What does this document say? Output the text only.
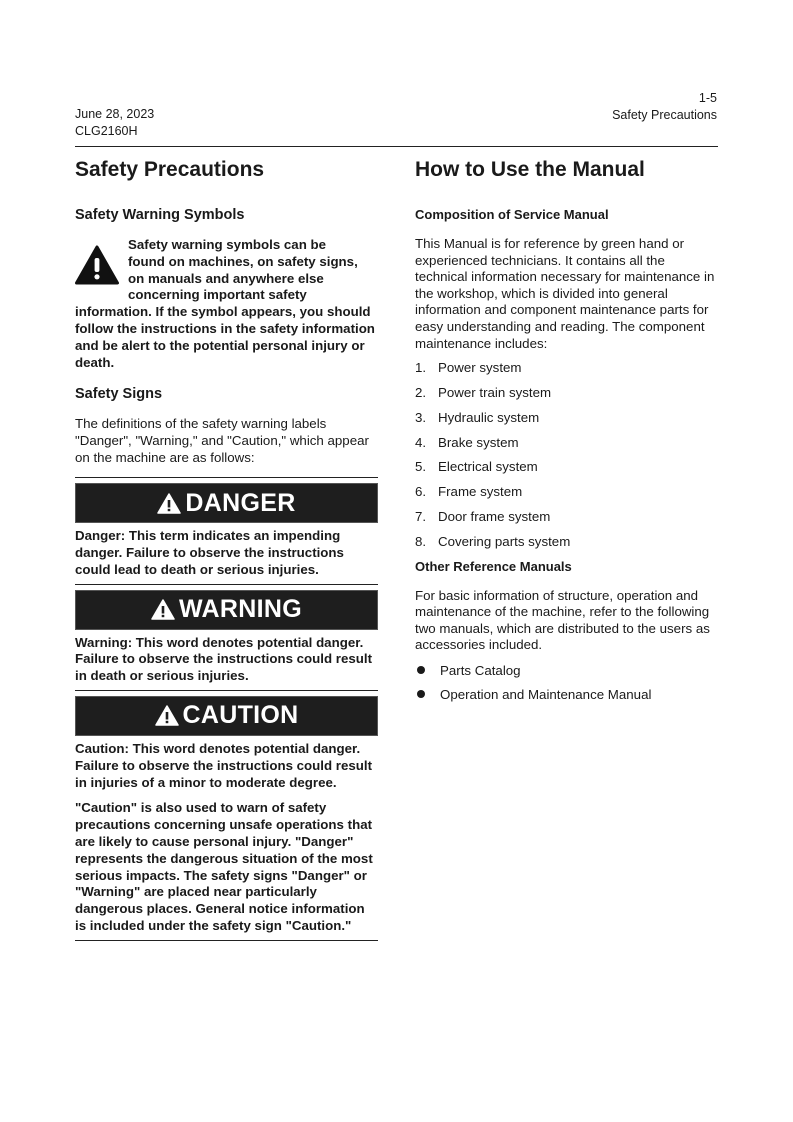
June 28, 2023
CLG2160H
1-5
Safety Precautions
Safety Precautions
Safety Warning Symbols

Safety warning symbols can be

found on machines, on safety signs,

on manuals and anywhere else

concerning important safety

information. If the symbol appears, you should follow the instructions in the safety information and be alert to the potential personal injury or death.

Safety Signs

The definitions of the safety warning labels "Danger", "Warning," and "Caution," which appear on the machine are as follows:

DANGER

Danger: This term indicates an impending danger. Failure to observe the instructions could lead to death or serious injuries.

WARNING

Warning: This word denotes potential danger. Failure to observe the instructions could result in death or serious injuries.

CAUTION

Caution: This word denotes potential danger. Failure to observe the instructions could result in injuries of a minor to moderate degree.

"Caution" is also used to warn of safety precautions concerning unsafe operations that are likely to cause personal injury. "Danger" represents the dangerous situation of the most serious impacts. The safety signs "Danger" or "Warning" are placed near particularly dangerous places. General notice information is included under the safety sign "Caution."

How to Use the Manual
Composition of Service Manual

This Manual is for reference by green hand or experienced technicians. It contains all the technical information necessary for maintenance in the workshop, which is divided into general information and component maintenance parts for easy understanding and reading. The component maintenance includes:

1. Power system
2. Power train system
3. Hydraulic system
4. Brake system
5. Electrical system
6. Frame system
7. Door frame system
8. Covering parts system
Other Reference Manuals

For basic information of structure, operation and maintenance of the machine, refer to the following two manuals, which are distributed to the users as accessories included.

Parts Catalog
Operation and Maintenance Manual
